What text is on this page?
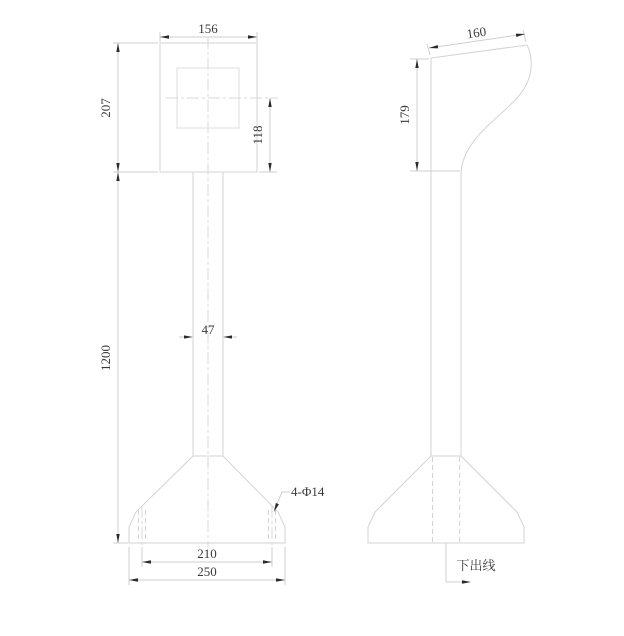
156
207
1200
118
47
210
250
4-Φ14
下出线
160
179
